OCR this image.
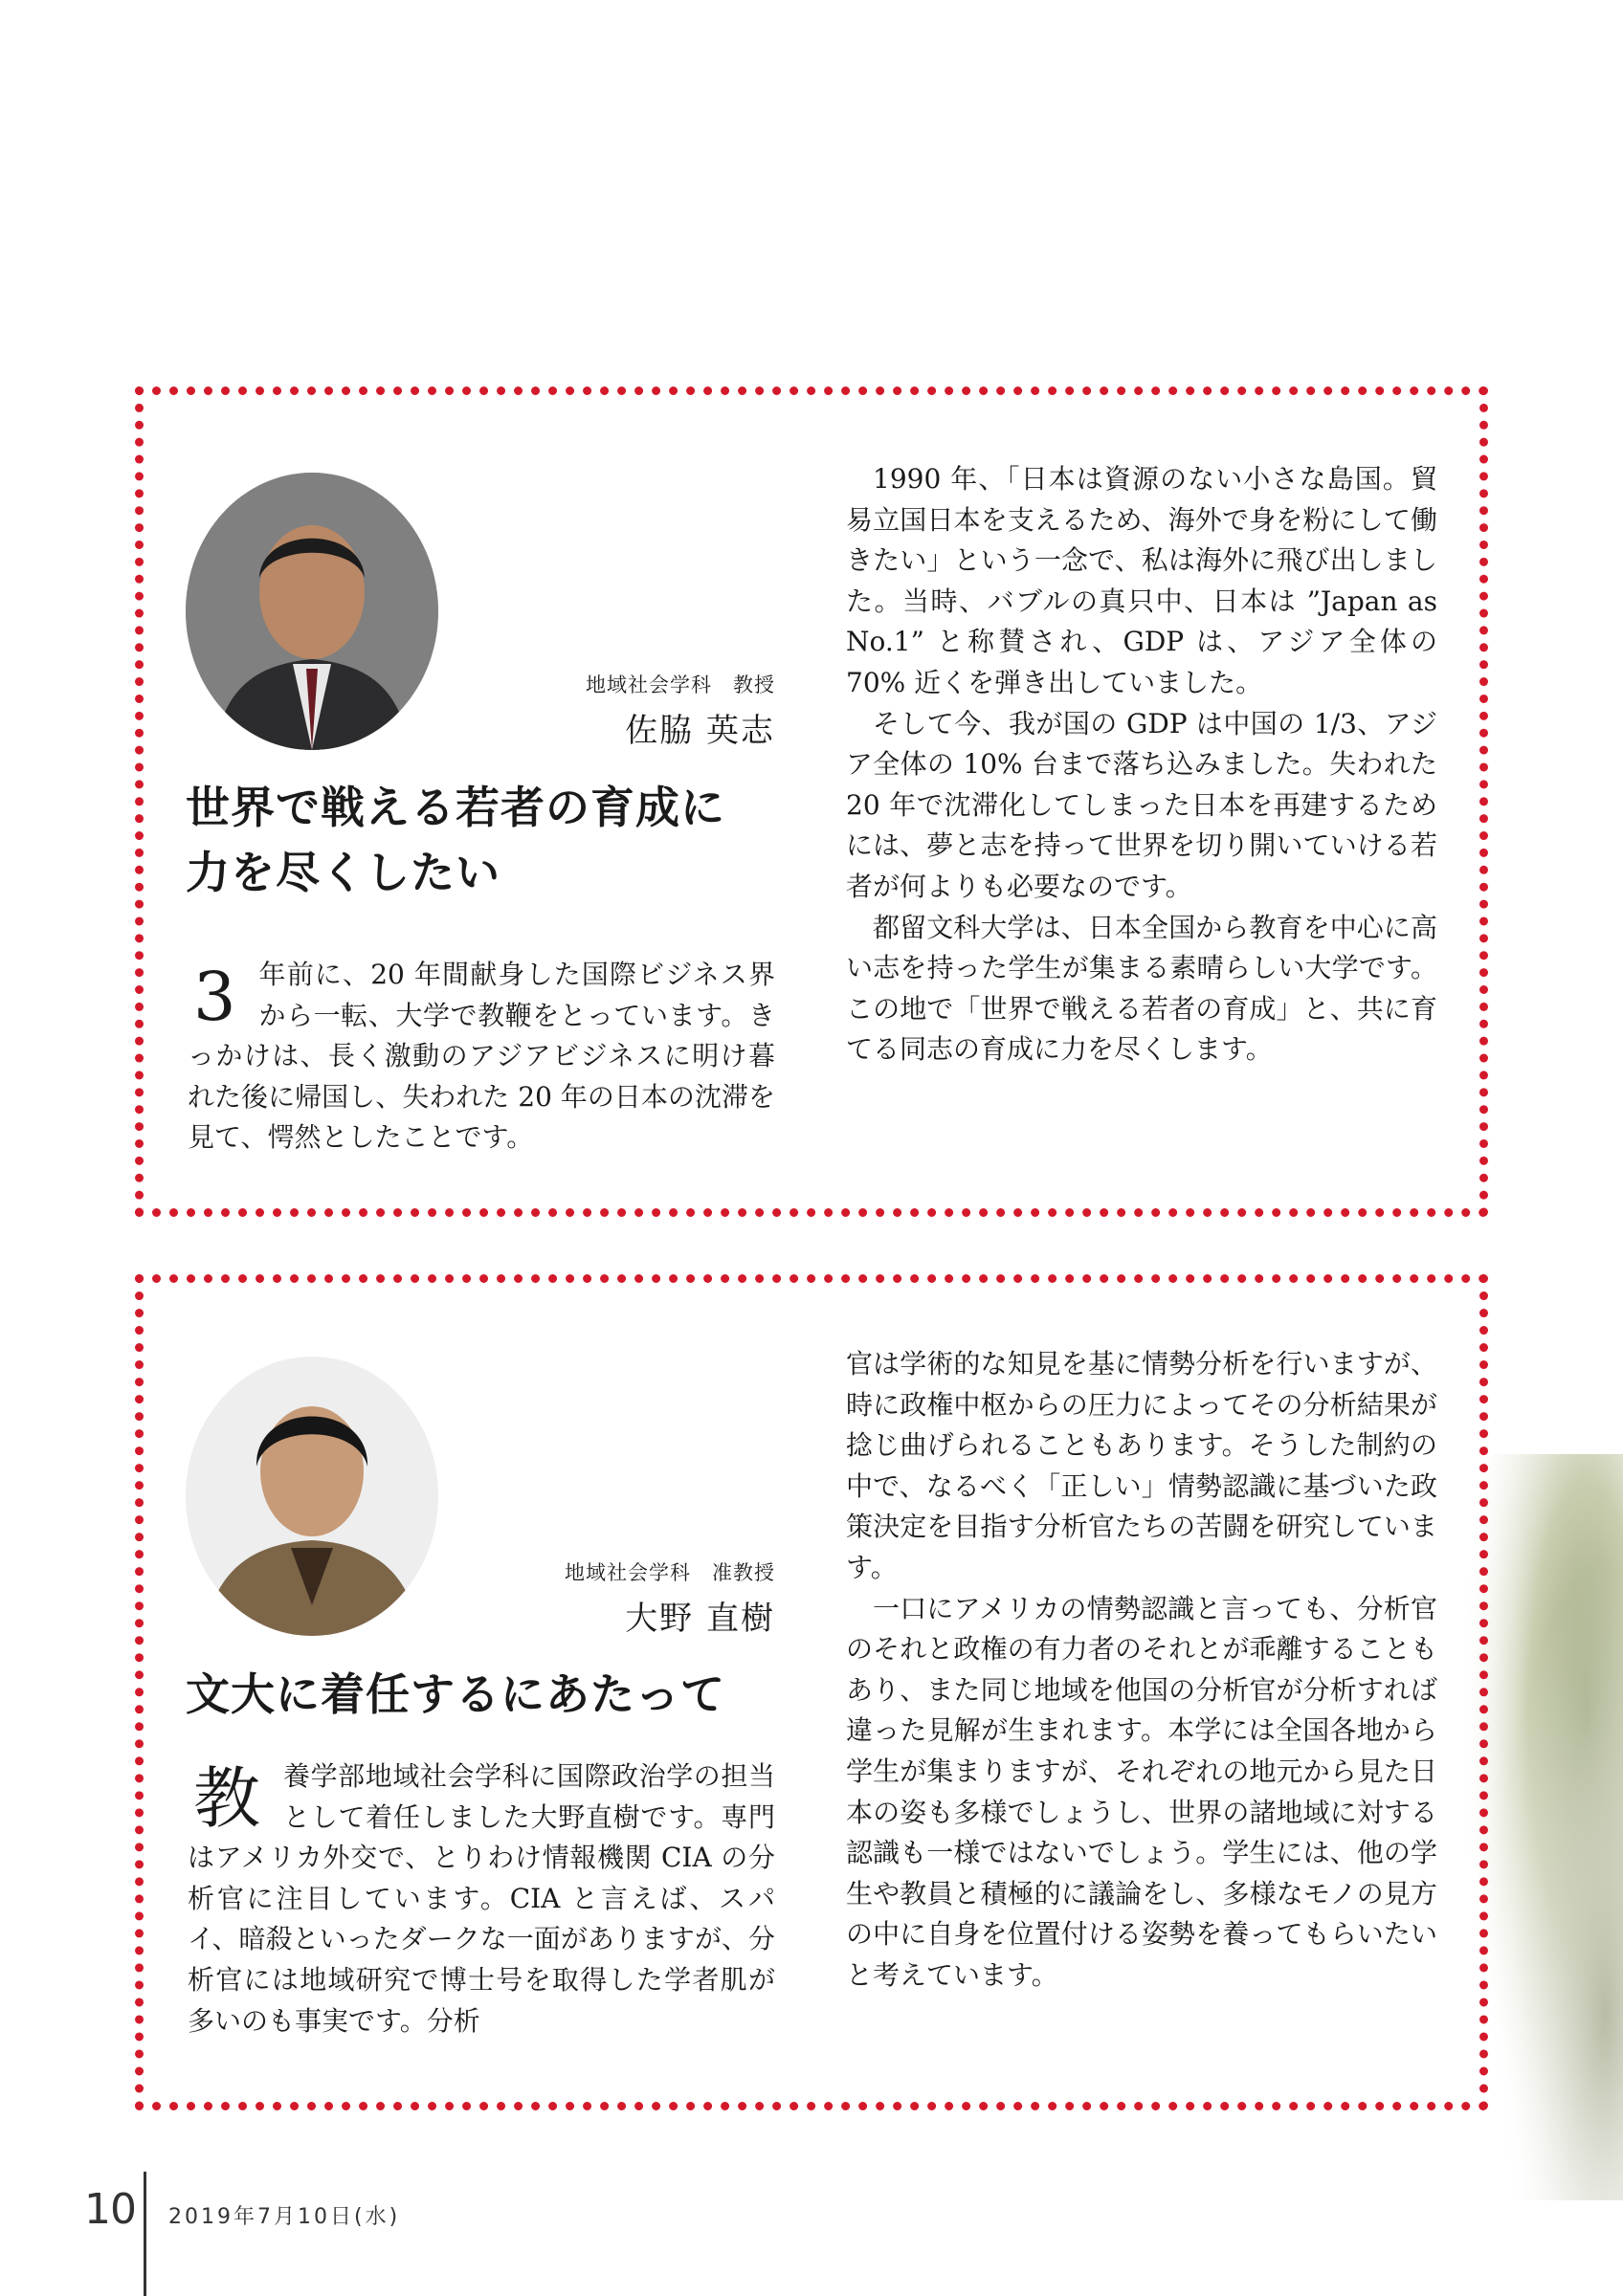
地域社会学科　教授
佐脇 英志
世界で戦える若者の育成に
力を尽くしたい
3 年前に、20 年間献身した国際ビジネス界から一転、大学で教鞭をとっています。きっかけは、長く激動のアジアビジネスに明け暮れた後に帰国し、失われた 20 年の日本の沈滞を見て、愕然としたことです。

1990 年、「日本は資源のない小さな島国。貿易立国日本を支えるため、海外で身を粉にして働きたい」という一念で、私は海外に飛び出しました。当時、バブルの真只中、日本は ”Japan as No.1” と称賛され、GDP は、アジア全体の 70% 近くを弾き出していました。

そして今、我が国の GDP は中国の 1/3、アジア全体の 10% 台まで落ち込みました。失われた 20 年で沈滞化してしまった日本を再建するためには、夢と志を持って世界を切り開いていける若者が何よりも必要なのです。

都留文科大学は、日本全国から教育を中心に高い志を持った学生が集まる素晴らしい大学です。この地で「世界で戦える若者の育成」と、共に育てる同志の育成に力を尽くします。

地域社会学科　准教授
大野 直樹
文大に着任するにあたって
教 養学部地域社会学科に国際政治学の担当として着任しました大野直樹です。専門はアメリカ外交で、とりわけ情報機関 CIA の分析官に注目しています。CIA と言えば、スパイ、暗殺といったダークな一面がありますが、分析官には地域研究で博士号を取得した学者肌が多いのも事実です。分析

官は学術的な知見を基に情勢分析を行いますが、時に政権中枢からの圧力によってその分析結果が捻じ曲げられることもあります。そうした制約の中で、なるべく「正しい」情勢認識に基づいた政策決定を目指す分析官たちの苦闘を研究しています。

一口にアメリカの情勢認識と言っても、分析官のそれと政権の有力者のそれとが乖離することもあり、また同じ地域を他国の分析官が分析すれば違った見解が生まれます。本学には全国各地から学生が集まりますが、それぞれの地元から見た日本の姿も多様でしょうし、世界の諸地域に対する認識も一様ではないでしょう。学生には、他の学生や教員と積極的に議論をし、多様なモノの見方の中に自身を位置付ける姿勢を養ってもらいたいと考えています。

10 2019年7月10日(水)
